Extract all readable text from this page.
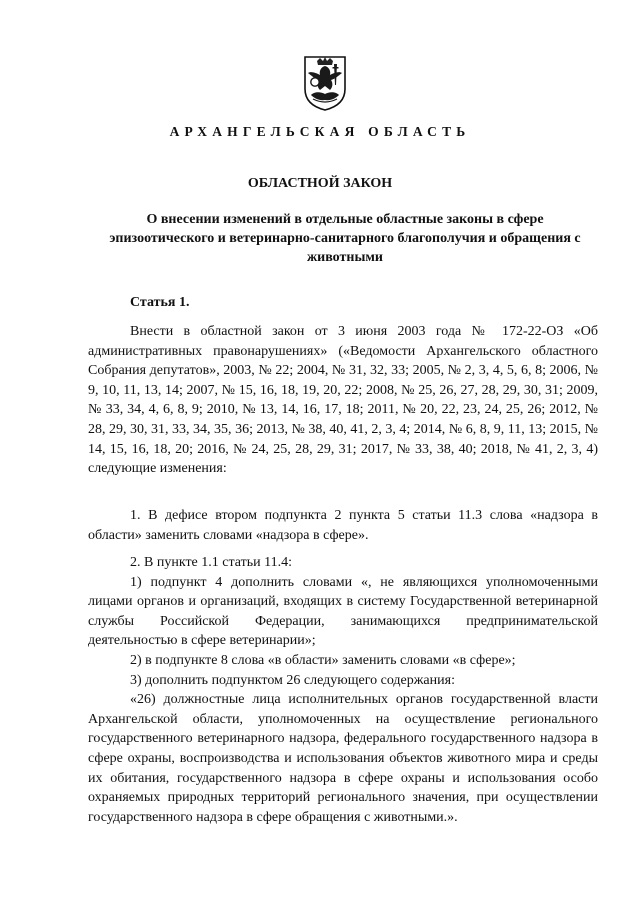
АРХАНГЕЛЬСКАЯ ОБЛАСТЬ
ОБЛАСТНОЙ ЗАКОН
О внесении изменений в отдельные областные законы в сфере эпизоотического и ветеринарно-санитарного благополучия и обращения с животными
Статья 1.

Внести в областной закон от 3 июня 2003 года № 172-22-ОЗ «Об административных правонарушениях» («Ведомости Архангельского областного Собрания депутатов», 2003, № 22; 2004, № 31, 32, 33; 2005, № 2, 3, 4, 5, 6, 8; 2006, № 9, 10, 11, 13, 14; 2007, № 15, 16, 18, 19, 20, 22; 2008, № 25, 26, 27, 28, 29, 30, 31; 2009, № 33, 34, 4, 6, 8, 9; 2010, № 13, 14, 16, 17, 18; 2011, № 20, 22, 23, 24, 25, 26; 2012, № 28, 29, 30, 31, 33, 34, 35, 36; 2013, № 38, 40, 41, 2, 3, 4; 2014, № 6, 8, 9, 11, 13; 2015, № 14, 15, 16, 18, 20; 2016, № 24, 25, 28, 29, 31; 2017, № 33, 38, 40; 2018, № 41, 2, 3, 4) следующие изменения:

1. В дефисе втором подпункта 2 пункта 5 статьи 11.3 слова «надзора в области» заменить словами «надзора в сфере».

2. В пункте 1.1 статьи 11.4:

1) подпункт 4 дополнить словами «, не являющихся уполномоченными лицами органов и организаций, входящих в систему Государственной ветеринарной службы Российской Федерации, занимающихся предпринимательской деятельностью в сфере ветеринарии»;

2) в подпункте 8 слова «в области» заменить словами «в сфере»;

3) дополнить подпунктом 26 следующего содержания:

«26) должностные лица исполнительных органов государственной власти Архангельской области, уполномоченных на осуществление регионального государственного ветеринарного надзора, федерального государственного надзора в сфере охраны, воспроизводства и использования объектов животного мира и среды их обитания, государственного надзора в сфере охраны и использования особо охраняемых природных территорий регионального значения, при осуществлении государственного надзора в сфере обращения с животными.».
